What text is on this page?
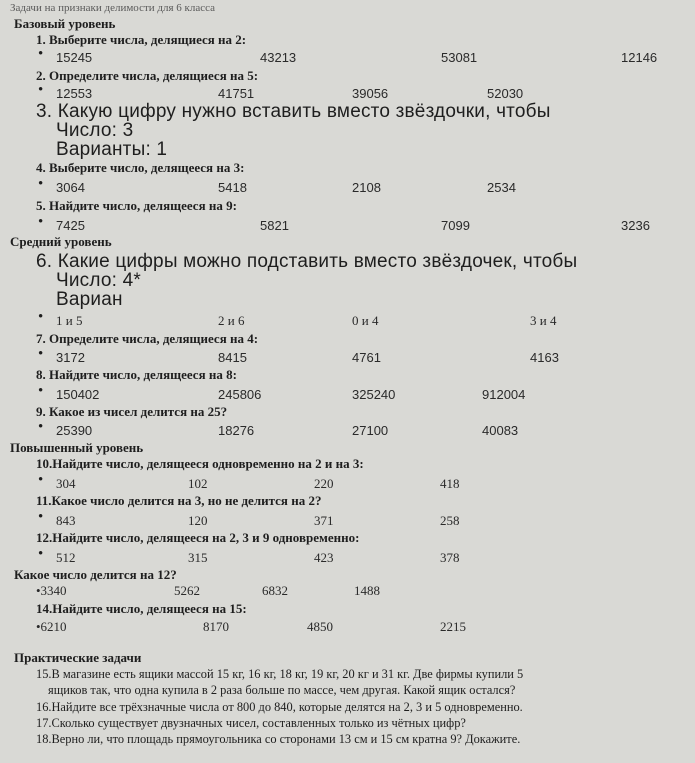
Задачи на признаки делимости для 6 класса
Базовый уровень
1. Выберите числа, делящиеся на 2:
• 15245	43213	53081	12146
2. Определите числа, делящиеся на 5:
• 12553	41751	39056	52030
3. Какую цифру нужно вставить вместо звёздочки, чтобы
Число: 3
Варианты: 1
4. Выберите число, делящееся на 3:
• 3064	5418	2108	2534
5. Найдите число, делящееся на 9:
• 7425	5821	7099	3236
Средний уровень
6. Какие цифры можно подставить вместо звёздочек, чтобы
Число: 4*
Вариан
• 1 и 5	2 и 6	0 и 4	3 и 4
7. Определите числа, делящиеся на 4:
• 3172	8415	4761	4163
8. Найдите число, делящееся на 8:
• 150402	245806	325240	912004
9. Какое из чисел делится на 25?
• 25390	18276	27100	40083
Повышенный уровень
10.Найдите число, делящееся одновременно на 2 и на 3:
• 304	102	220	418
11.Какое число делится на 3, но не делится на 2?
• 843	120	371	258
12.Найдите число, делящееся на 2, 3 и 9 одновременно:
• 512	315	423	378
Какое число делится на 12?
•3340	5262	6832	1488
14.Найдите число, делящееся на 15:
•6210	8170	4850	2215
Практические задачи
15.В магазине есть ящики массой 15 кг, 16 кг, 18 кг, 19 кг, 20 кг и 31 кг. Две фирмы купили 5
ящиков так, что одна купила в 2 раза больше по массе, чем другая. Какой ящик остался?
16.Найдите все трёхзначные числа от 800 до 840, которые делятся на 2, 3 и 5 одновременно.
17.Сколько существует двузначных чисел, составленных только из чётных цифр?
18.Верно ли, что площадь прямоугольника со сторонами 13 см и 15 см кратна 9? Докажите.
